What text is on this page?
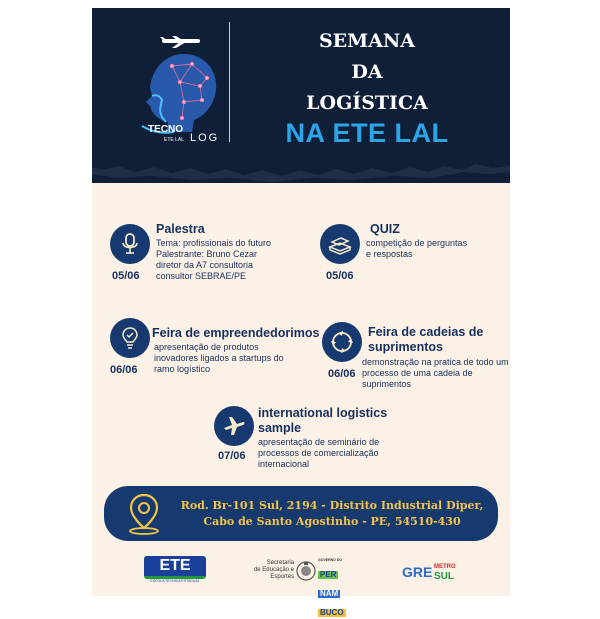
TECNO
ETE LAL LOG
SEMANA
DA
LOGÍSTICA
NA ETE LAL
Palestra
Tema: profissionais do futuro
Palestrante: Bruno Cezar
diretor da A7 consultoria
consultor SEBRAE/PE
05/06
QUIZ
competição de perguntas
e respostas
05/06
Feira de empreendedorimos
apresentação de produtos
inovadores ligados a startups do
ramo logístico
06/06
Feira de cadeias de
suprimentos
demonstração na pratica de todo um
processo de uma cadeia de
suprimentos
06/06
international logistics
sample
apresentação de seminário de
processos de comercialização
internacional
07/06
Rod. Br-101 Sul, 2194 - Distrito Industrial Diper,
Cabo de Santo Agostinho - PE, 54510-430
ETE
ESCOLA TÉCNICA ESTADUAL
Secretaria
de Educação e
Esportes
GOVERNO DO
PER NAM BUCO
GRE METRO
SUL
